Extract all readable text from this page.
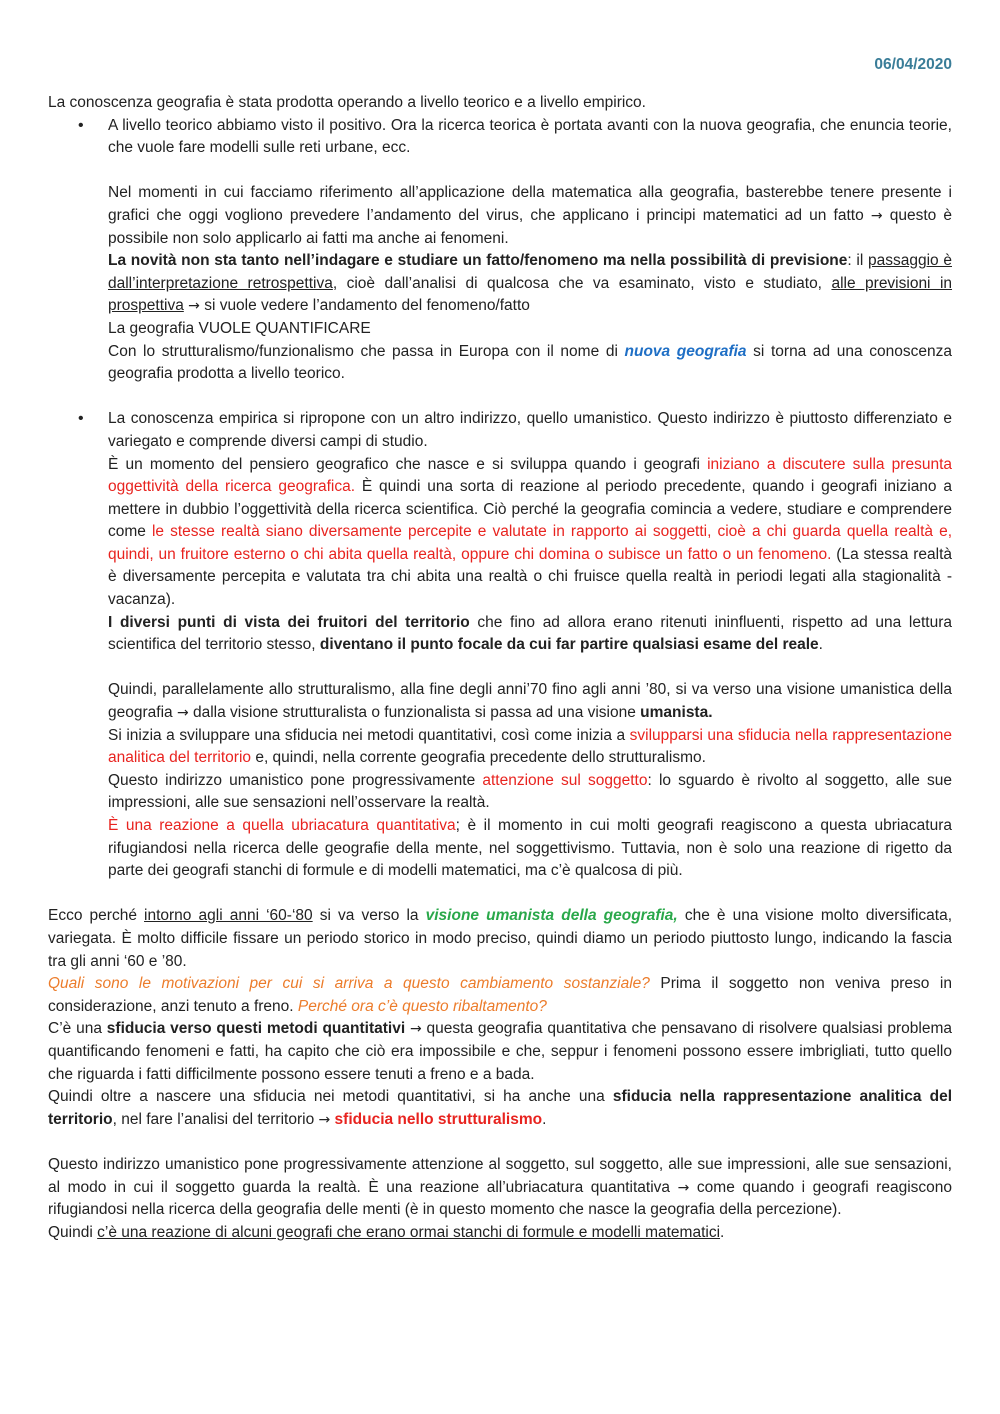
06/04/2020

La conoscenza geografia è stata prodotta operando a livello teorico e a livello empirico.

• A livello teorico abbiamo visto il positivo. Ora la ricerca teorica è portata avanti con la nuova geografia, che enuncia teorie, che vuole fare modelli sulle reti urbane, ecc.

Nel momenti in cui facciamo riferimento all’applicazione della matematica alla geografia, basterebbe tenere presente i grafici che oggi vogliono prevedere l’andamento del virus, che applicano i principi matematici ad un fatto → questo è possibile non solo applicarlo ai fatti ma anche ai fenomeni.

La novità non sta tanto nell’indagare e studiare un fatto/fenomeno ma nella possibilità di previsione: il passaggio è dall’interpretazione retrospettiva, cioè dall’analisi di qualcosa che va esaminato, visto e studiato, alle previsioni in prospettiva → si vuole vedere l’andamento del fenomeno/fatto

La geografia VUOLE QUANTIFICARE

Con lo strutturalismo/funzionalismo che passa in Europa con il nome di nuova geografia si torna ad una conoscenza geografia prodotta a livello teorico.

• La conoscenza empirica si ripropone con un altro indirizzo, quello umanistico. Questo indirizzo è piuttosto differenziato e variegato e comprende diversi campi di studio.

È un momento del pensiero geografico che nasce e si sviluppa quando i geografi iniziano a discutere sulla presunta oggettività della ricerca geografica. È quindi una sorta di reazione al periodo precedente, quando i geografi iniziano a mettere in dubbio l’oggettività della ricerca scientifica. Ciò perché la geografia comincia a vedere, studiare e comprendere come le stesse realtà siano diversamente percepite e valutate in rapporto ai soggetti, cioè a chi guarda quella realtà e, quindi, un fruitore esterno o chi abita quella realtà, oppure chi domina o subisce un fatto o un fenomeno. (La stessa realtà è diversamente percepita e valutata tra chi abita una realtà o chi fruisce quella realtà in periodi legati alla stagionalità - vacanza).

I diversi punti di vista dei fruitori del territorio che fino ad allora erano ritenuti ininfluenti, rispetto ad una lettura scientifica del territorio stesso, diventano il punto focale da cui far partire qualsiasi esame del reale.

Quindi, parallelamente allo strutturalismo, alla fine degli anni’70 fino agli anni ’80, si va verso una visione umanistica della geografia → dalla visione strutturalista o funzionalista si passa ad una visione umanista.

Si inizia a sviluppare una sfiducia nei metodi quantitativi, così come inizia a svilupparsi una sfiducia nella rappresentazione analitica del territorio e, quindi, nella corrente geografia precedente dello strutturalismo.

Questo indirizzo umanistico pone progressivamente attenzione sul soggetto: lo sguardo è rivolto al soggetto, alle sue impressioni, alle sue sensazioni nell’osservare la realtà.

È una reazione a quella ubriacatura quantitativa; è il momento in cui molti geografi reagiscono a questa ubriacatura rifugiandosi nella ricerca delle geografie della mente, nel soggettivismo. Tuttavia, non è solo una reazione di rigetto da parte dei geografi stanchi di formule e di modelli matematici, ma c’è qualcosa di più.

Ecco perché intorno agli anni ‘60-‘80 si va verso la visione umanista della geografia, che è una visione molto diversificata, variegata. È molto difficile fissare un periodo storico in modo preciso, quindi diamo un periodo piuttosto lungo, indicando la fascia tra gli anni ‘60 e ’80.

Quali sono le motivazioni per cui si arriva a questo cambiamento sostanziale? Prima il soggetto non veniva preso in considerazione, anzi tenuto a freno. Perché ora c’è questo ribaltamento?

C’è una sfiducia verso questi metodi quantitativi → questa geografia quantitativa che pensavano di risolvere qualsiasi problema quantificando fenomeni e fatti, ha capito che ciò era impossibile e che, seppur i fenomeni possono essere imbrigliati, tutto quello che riguarda i fatti difficilmente possono essere tenuti a freno e a bada.

Quindi oltre a nascere una sfiducia nei metodi quantitativi, si ha anche una sfiducia nella rappresentazione analitica del territorio, nel fare l’analisi del territorio → sfiducia nello strutturalismo.

Questo indirizzo umanistico pone progressivamente attenzione al soggetto, sul soggetto, alle sue impressioni, alle sue sensazioni, al modo in cui il soggetto guarda la realtà. È una reazione all’ubriacatura quantitativa → come quando i geografi reagiscono rifugiandosi nella ricerca della geografia delle menti (è in questo momento che nasce la geografia della percezione).

Quindi c’è una reazione di alcuni geografi che erano ormai stanchi di formule e modelli matematici.
